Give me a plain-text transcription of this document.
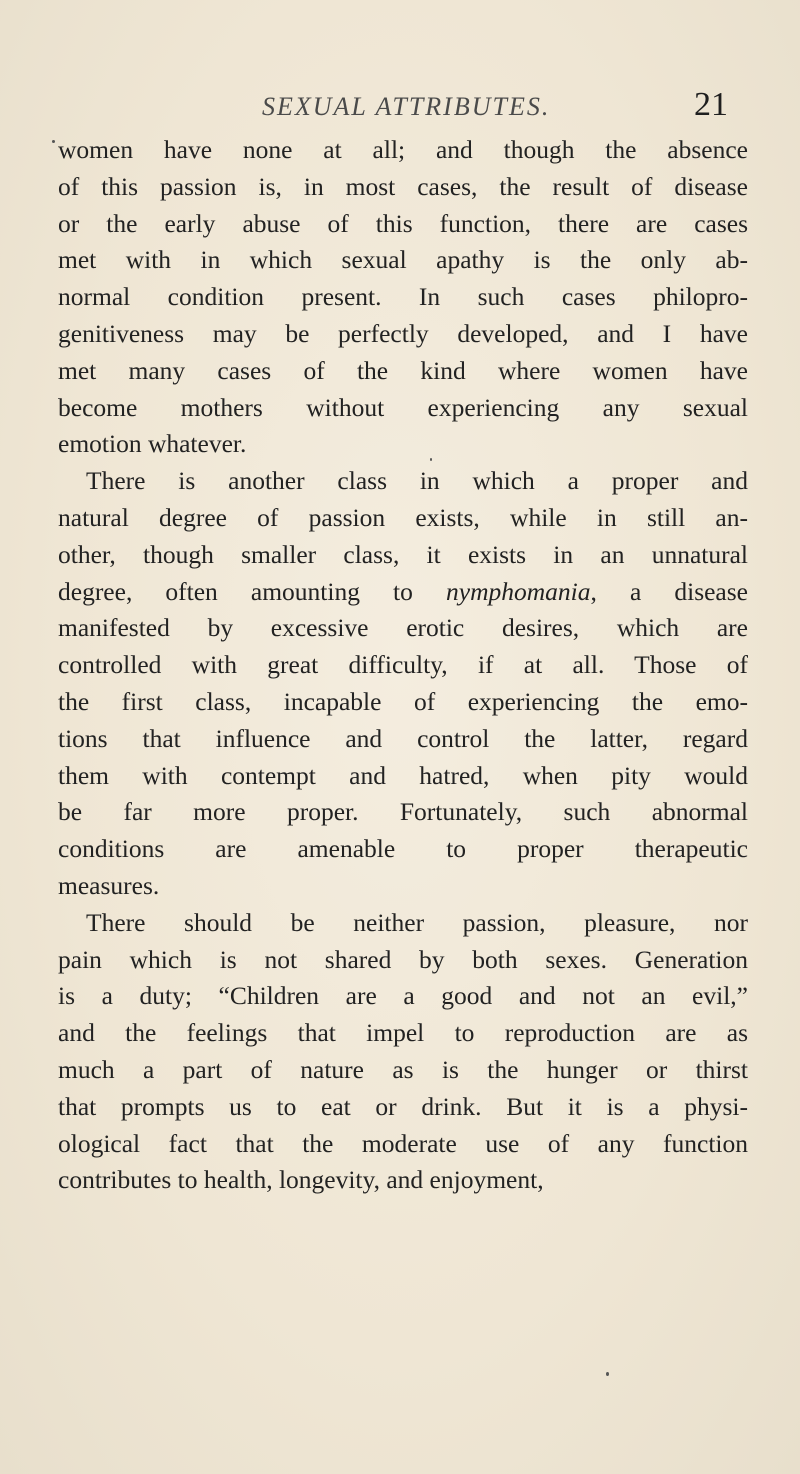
SEXUAL ATTRIBUTES.	21
women have none at all; and though the absence
of this passion is, in most cases, the result of disease
or the early abuse of this function, there are cases
met with in which sexual apathy is the only ab-
normal condition present. In such cases philopro-
genitiveness may be perfectly developed, and I have
met many cases of the kind where women have
become mothers without experiencing any sexual
emotion whatever.
There is another class in which a proper and
natural degree of passion exists, while in still an-
other, though smaller class, it exists in an unnatural
degree, often amounting to nymphomania, a disease
manifested by excessive erotic desires, which are
controlled with great difficulty, if at all. Those of
the first class, incapable of experiencing the emo-
tions that influence and control the latter, regard
them with contempt and hatred, when pity would
be far more proper. Fortunately, such abnormal
conditions are amenable to proper therapeutic
measures.
There should be neither passion, pleasure, nor
pain which is not shared by both sexes. Generation
is a duty; “Children are a good and not an evil,”
and the feelings that impel to reproduction are as
much a part of nature as is the hunger or thirst
that prompts us to eat or drink. But it is a physi-
ological fact that the moderate use of any function
contributes to health, longevity, and enjoyment,
